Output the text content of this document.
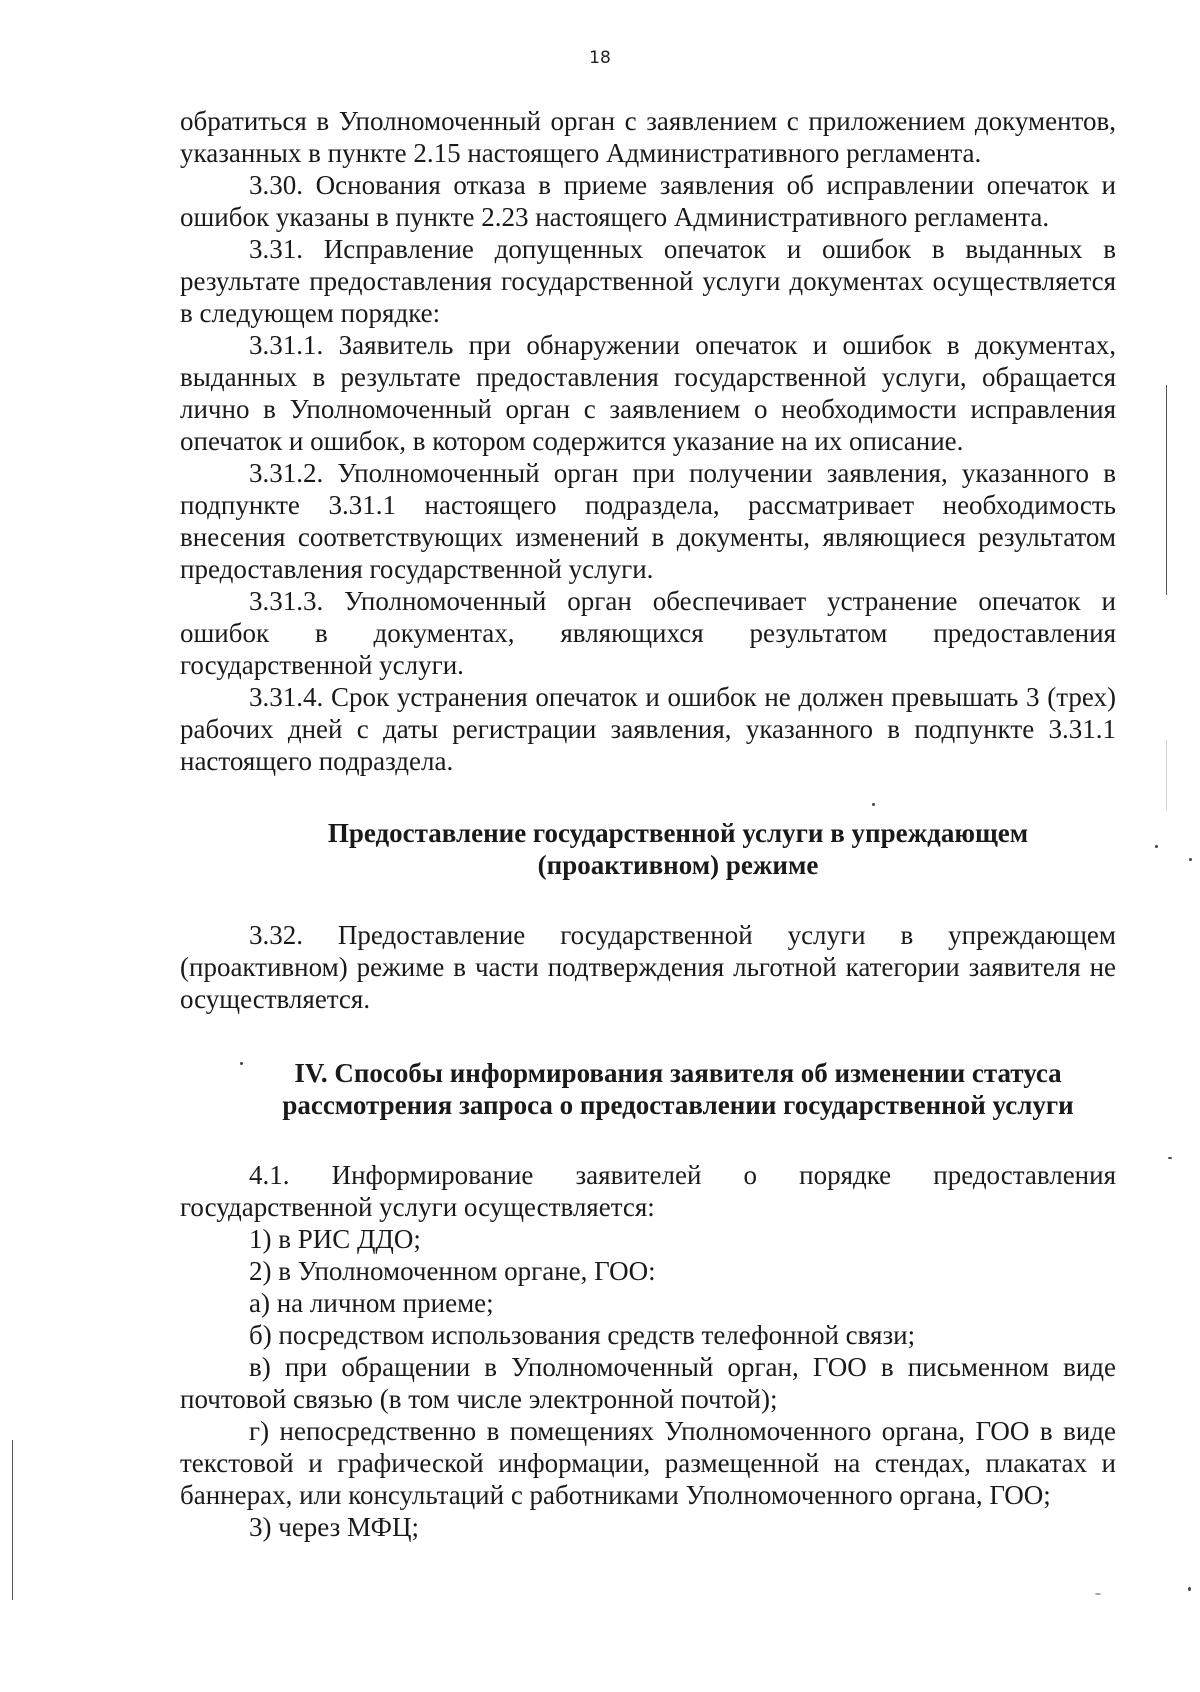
18

обратиться в Уполномоченный орган с заявлением с приложением документов, указанных в пункте 2.15 настоящего Административного регламента.

3.30. Основания отказа в приеме заявления об исправлении опечаток и ошибок указаны в пункте 2.23 настоящего Административного регламента.

3.31. Исправление допущенных опечаток и ошибок в выданных в результате предоставления государственной услуги документах осуществляется в следующем порядке:

3.31.1. Заявитель при обнаружении опечаток и ошибок в документах, выданных в результате предоставления государственной услуги, обращается лично в Уполномоченный орган с заявлением о необходимости исправления опечаток и ошибок, в котором содержится указание на их описание.

3.31.2. Уполномоченный орган при получении заявления, указанного в подпункте 3.31.1 настоящего подраздела, рассматривает необходимость внесения соответствующих изменений в документы, являющиеся результатом предоставления государственной услуги.

3.31.3. Уполномоченный орган обеспечивает устранение опечаток и ошибок в документах, являющихся результатом предоставления государственной услуги.

3.31.4. Срок устранения опечаток и ошибок не должен превышать 3 (трех) рабочих дней с даты регистрации заявления, указанного в подпункте 3.31.1 настоящего подраздела.

Предоставление государственной услуги в упреждающем (проактивном) режиме

3.32. Предоставление государственной услуги в упреждающем (проактивном) режиме в части подтверждения льготной категории заявителя не осуществляется.

IV. Способы информирования заявителя об изменении статуса рассмотрения запроса о предоставлении государственной услуги

4.1. Информирование заявителей о порядке предоставления государственной услуги осуществляется:

1) в РИС ДДО;

2) в Уполномоченном органе, ГОО:

а) на личном приеме;

б) посредством использования средств телефонной связи;

в) при обращении в Уполномоченный орган, ГОО в письменном виде почтовой связью (в том числе электронной почтой);

г) непосредственно в помещениях Уполномоченного органа, ГОО в виде текстовой и графической информации, размещенной на стендах, плакатах и баннерах, или консультаций с работниками Уполномоченного органа, ГОО;

3) через МФЦ;
